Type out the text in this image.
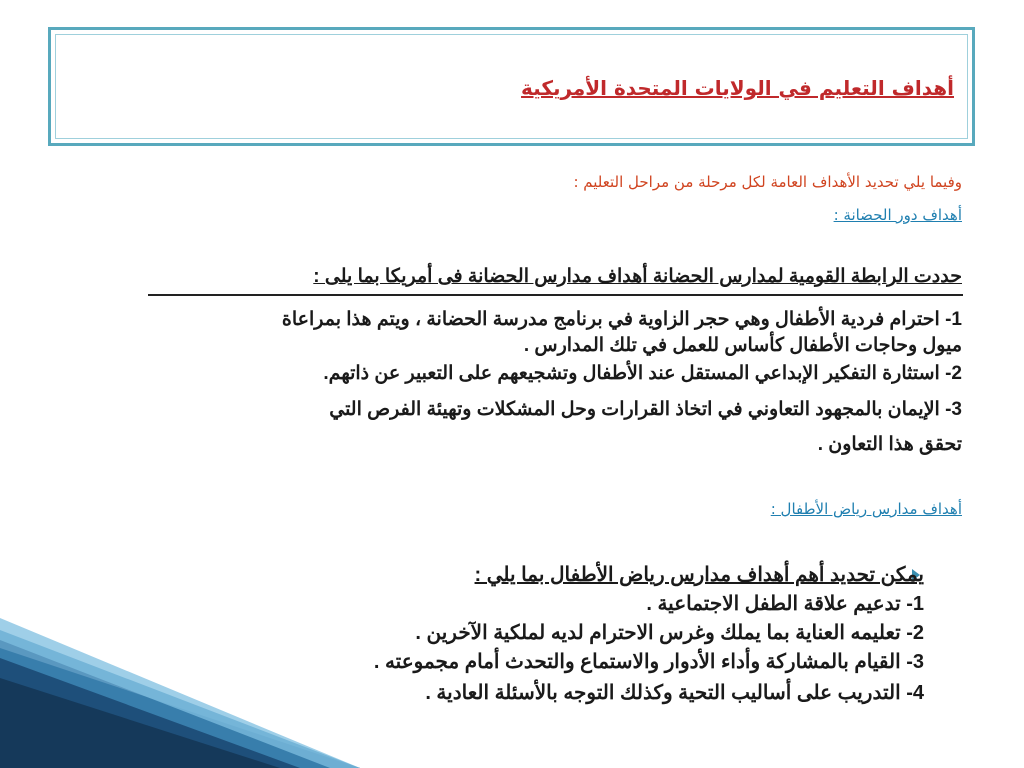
أهداف التعليم في الولايات المتحدة الأمريكية
وفيما يلي تحديد الأهداف العامة لكل مرحلة من مراحل التعليم :
أهداف دور الحضانة :
حددت الرابطة القومية لمدارس الحضانة أهداف مدارس الحضانة فى أمريكا بما يلى :
1- احترام فردية الأطفال وهي حجر الزاوية في برنامج مدرسة الحضانة ، ويتم هذا بمراعاة
ميول وحاجات الأطفال كأساس للعمل في تلك المدارس .
2- استثارة التفكير الإبداعي المستقل عند الأطفال وتشجيعهم على التعبير عن ذاتهم.
3- الإيمان بالمجهود التعاوني في اتخاذ القرارات وحل المشكلات وتهيئة الفرص التي
تحقق هذا التعاون .
أهداف مدارس رياض الأطفال :
يمكن تحديد أهم أهداف مدارس رياض الأطفال بما يلي :
1- تدعيم علاقة الطفل الاجتماعية .
2- تعليمه العناية بما يملك وغرس الاحترام لديه لملكية الآخرين .
3- القيام بالمشاركة وأداء الأدوار والاستماع والتحدث أمام مجموعته .
4- التدريب على أساليب التحية وكذلك التوجه بالأسئلة العادية .
